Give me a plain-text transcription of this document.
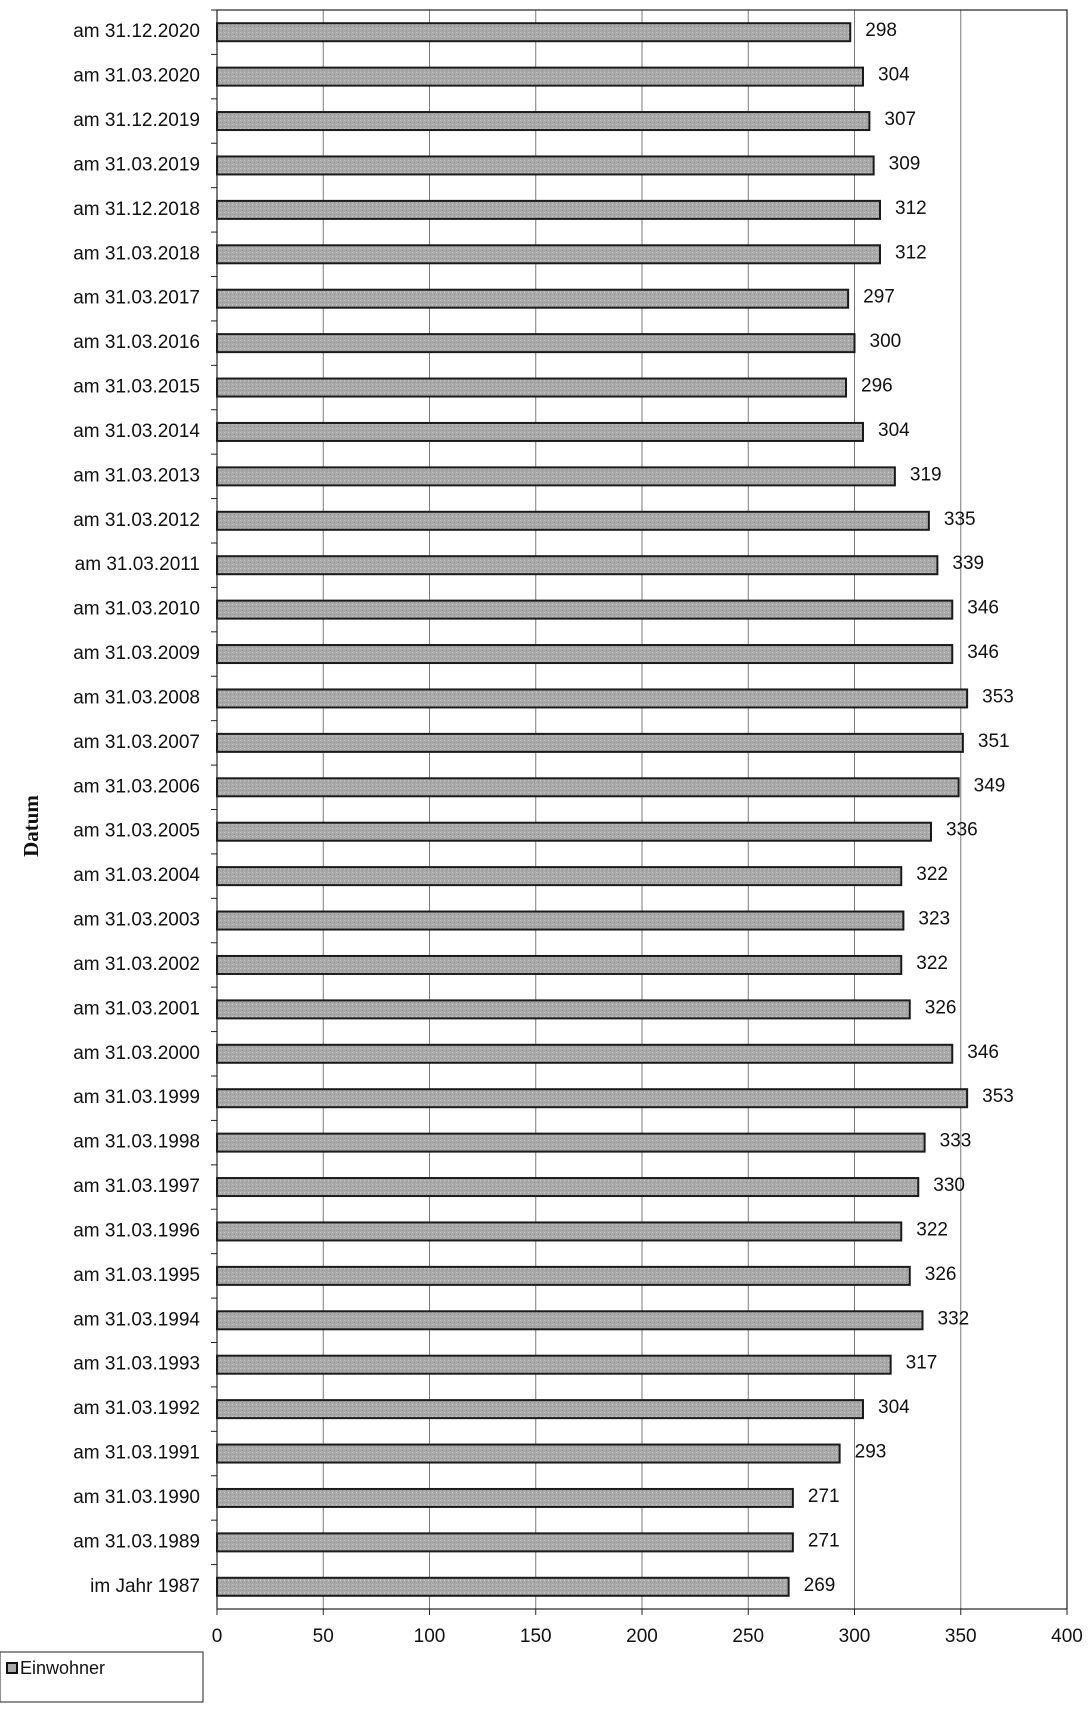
am 31.12.2020	298
am 31.03.2020	304
am 31.12.2019	307
am 31.03.2019	309
am 31.12.2018	312
am 31.03.2018	312
am 31.03.2017	297
am 31.03.2016	300
am 31.03.2015	296
am 31.03.2014	304
am 31.03.2013	319
am 31.03.2012	335
am 31.03.2011	339
am 31.03.2010	346
am 31.03.2009	346
am 31.03.2008	353
am 31.03.2007	351
am 31.03.2006	349
am 31.03.2005	336
am 31.03.2004	322
am 31.03.2003	323
am 31.03.2002	322
am 31.03.2001	326
am 31.03.2000	346
am 31.03.1999	353
am 31.03.1998	333
am 31.03.1997	330
am 31.03.1996	322
am 31.03.1995	326
am 31.03.1994	332
am 31.03.1993	317
am 31.03.1992	304
am 31.03.1991	293
am 31.03.1990	271
am 31.03.1989	271
im Jahr 1987	269
0	50	100	150	200	250	300	350	400
Datum
Einwohner
